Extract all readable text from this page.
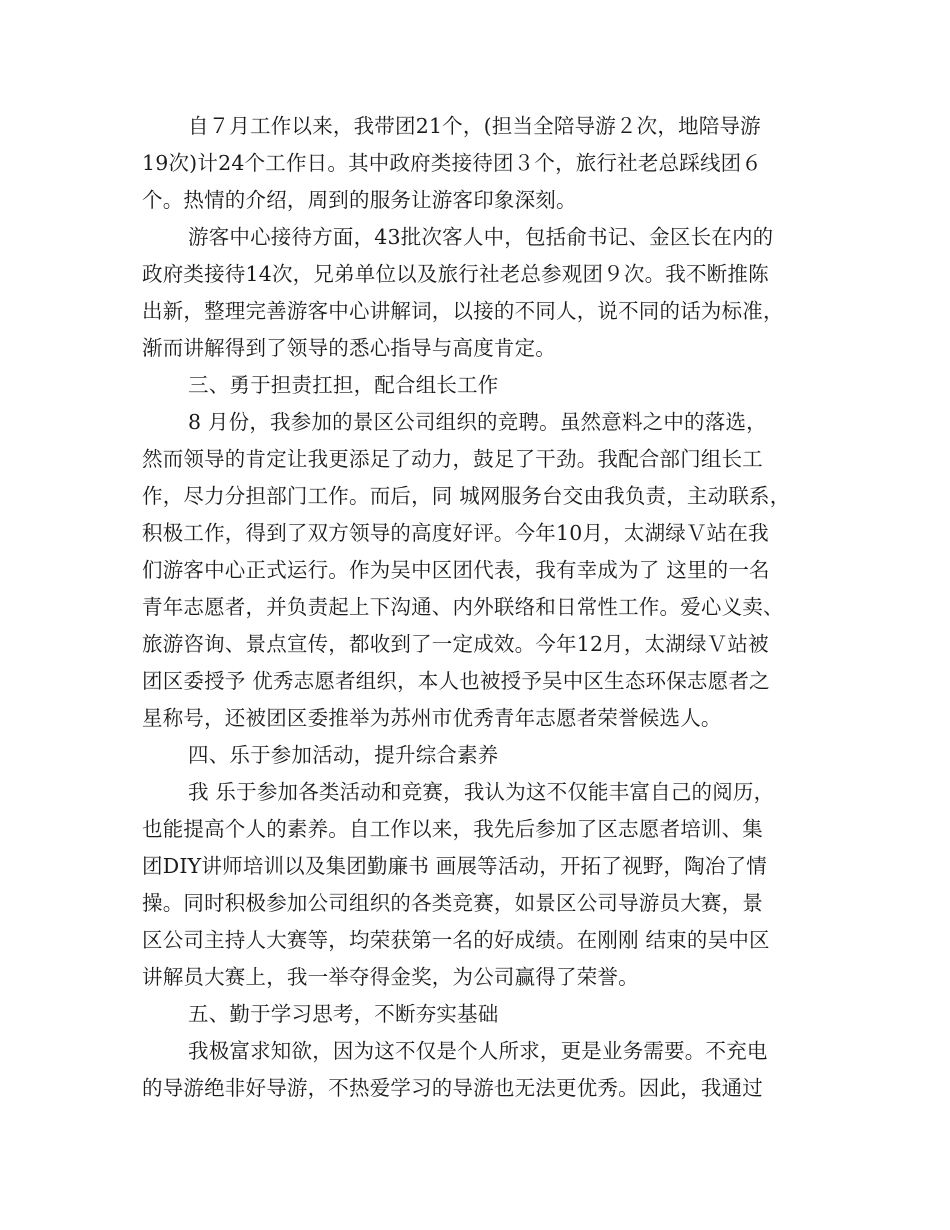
自７月工作以来，我带团21个，(担当全陪导游２次，地陪导游
19次)计24个工作日。其中政府类接待团３个，旅行社老总踩线团６
个。热情的介绍，周到的服务让游客印象深刻。
游客中心接待方面，43批次客人中，包括俞书记、金区长在内的
政府类接待14次，兄弟单位以及旅行社老总参观团９次。我不断推陈
出新，整理完善游客中心讲解词，以接的不同人，说不同的话为标准，
渐而讲解得到了领导的悉心指导与高度肯定。
三、勇于担责扛担，配合组长工作
8 月份，我参加的景区公司组织的竞聘。虽然意料之中的落选，
然而领导的肯定让我更添足了动力，鼓足了干劲。我配合部门组长工
作，尽力分担部门工作。而后，同 城网服务台交由我负责，主动联系，
积极工作，得到了双方领导的高度好评。今年10月，太湖绿Ｖ站在我
们游客中心正式运行。作为吴中区团代表，我有幸成为了 这里的一名
青年志愿者，并负责起上下沟通、内外联络和日常性工作。爱心义卖、
旅游咨询、景点宣传，都收到了一定成效。今年12月，太湖绿Ｖ站被
团区委授予 优秀志愿者组织，本人也被授予吴中区生态环保志愿者之
星称号，还被团区委推举为苏州市优秀青年志愿者荣誉候选人。
四、乐于参加活动，提升综合素养
我 乐于参加各类活动和竞赛，我认为这不仅能丰富自己的阅历，
也能提高个人的素养。自工作以来，我先后参加了区志愿者培训、集
团DIY讲师培训以及集团勤廉书 画展等活动，开拓了视野，陶冶了情
操。同时积极参加公司组织的各类竞赛，如景区公司导游员大赛，景
区公司主持人大赛等，均荣获第一名的好成绩。在刚刚 结束的吴中区
讲解员大赛上，我一举夺得金奖，为公司赢得了荣誉。
五、勤于学习思考，不断夯实基础
我极富求知欲，因为这不仅是个人所求，更是业务需要。不充电
的导游绝非好导游，不热爱学习的导游也无法更优秀。因此，我通过
